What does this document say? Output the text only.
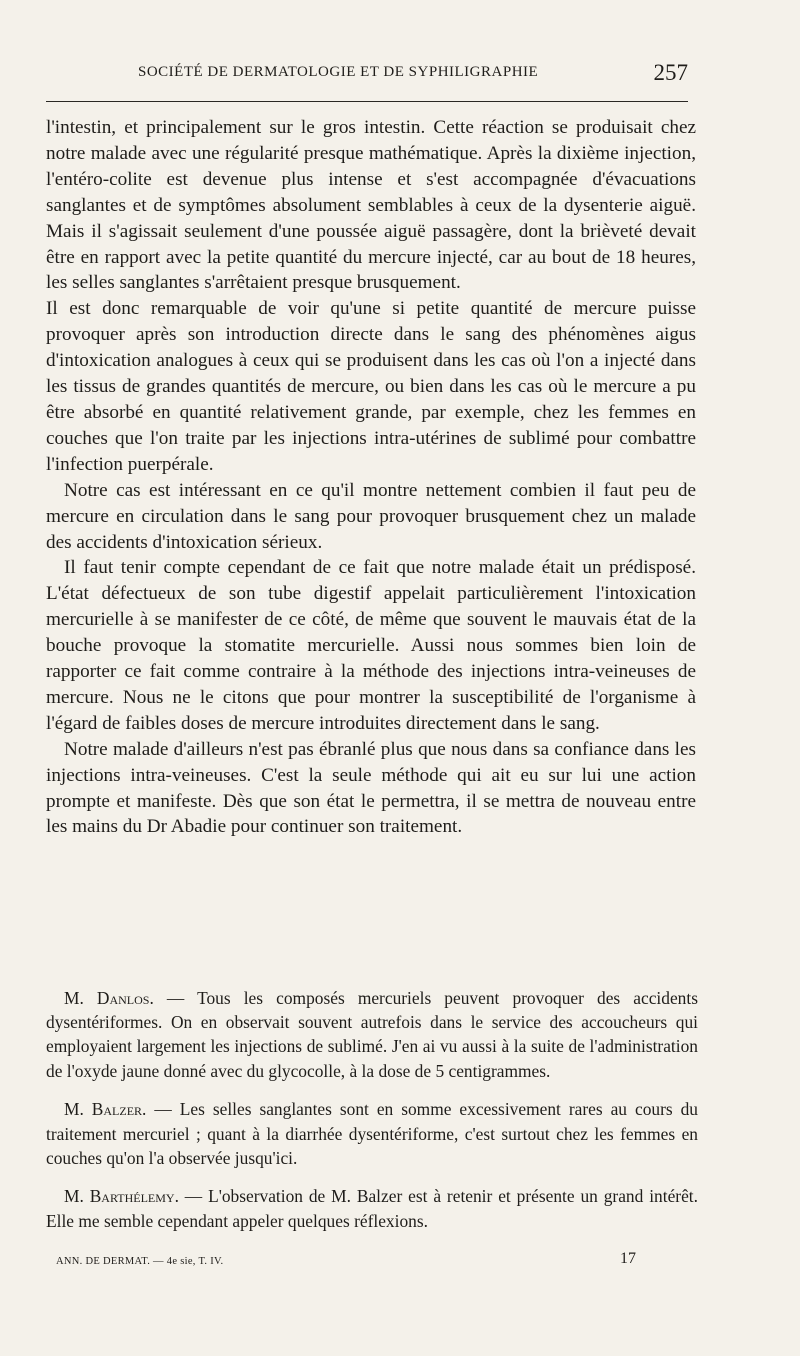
SOCIÉTÉ DE DERMATOLOGIE ET DE SYPHILIGRAPHIE	257

l'intestin, et principalement sur le gros intestin. Cette réaction se produisait chez notre malade avec une régularité presque mathématique. Après la dixième injection, l'entéro-colite est devenue plus intense et s'est accompagnée d'évacuations sanglantes et de symptômes absolument semblables à ceux de la dysenterie aiguë. Mais il s'agissait seulement d'une poussée aiguë passagère, dont la brièveté devait être en rapport avec la petite quantité du mercure injecté, car au bout de 18 heures, les selles sanglantes s'arrêtaient presque brusquement.

Il est donc remarquable de voir qu'une si petite quantité de mercure puisse provoquer après son introduction directe dans le sang des phénomènes aigus d'intoxication analogues à ceux qui se produisent dans les cas où l'on a injecté dans les tissus de grandes quantités de mercure, ou bien dans les cas où le mercure a pu être absorbé en quantité relativement grande, par exemple, chez les femmes en couches que l'on traite par les injections intra-utérines de sublimé pour combattre l'infection puerpérale.

Notre cas est intéressant en ce qu'il montre nettement combien il faut peu de mercure en circulation dans le sang pour provoquer brusquement chez un malade des accidents d'intoxication sérieux.

Il faut tenir compte cependant de ce fait que notre malade était un prédisposé. L'état défectueux de son tube digestif appelait particulièrement l'intoxication mercurielle à se manifester de ce côté, de même que souvent le mauvais état de la bouche provoque la stomatite mercurielle. Aussi nous sommes bien loin de rapporter ce fait comme contraire à la méthode des injections intra-veineuses de mercure. Nous ne le citons que pour montrer la susceptibilité de l'organisme à l'égard de faibles doses de mercure introduites directement dans le sang.

Notre malade d'ailleurs n'est pas ébranlé plus que nous dans sa confiance dans les injections intra-veineuses. C'est la seule méthode qui ait eu sur lui une action prompte et manifeste. Dès que son état le permettra, il se mettra de nouveau entre les mains du Dr Abadie pour continuer son traitement.

M. Danlos. — Tous les composés mercuriels peuvent provoquer des accidents dysentériformes. On en observait souvent autrefois dans le service des accoucheurs qui employaient largement les injections de sublimé. J'en ai vu aussi à la suite de l'administration de l'oxyde jaune donné avec du glycocolle, à la dose de 5 centigrammes.

M. Balzer. — Les selles sanglantes sont en somme excessivement rares au cours du traitement mercuriel ; quant à la diarrhée dysentériforme, c'est surtout chez les femmes en couches qu'on l'a observée jusqu'ici.

M. Barthélemy. — L'observation de M. Balzer est à retenir et présente un grand intérêt. Elle me semble cependant appeler quelques réflexions.

ANN. DE DERMAT. — 4e sie, T. IV.	17
